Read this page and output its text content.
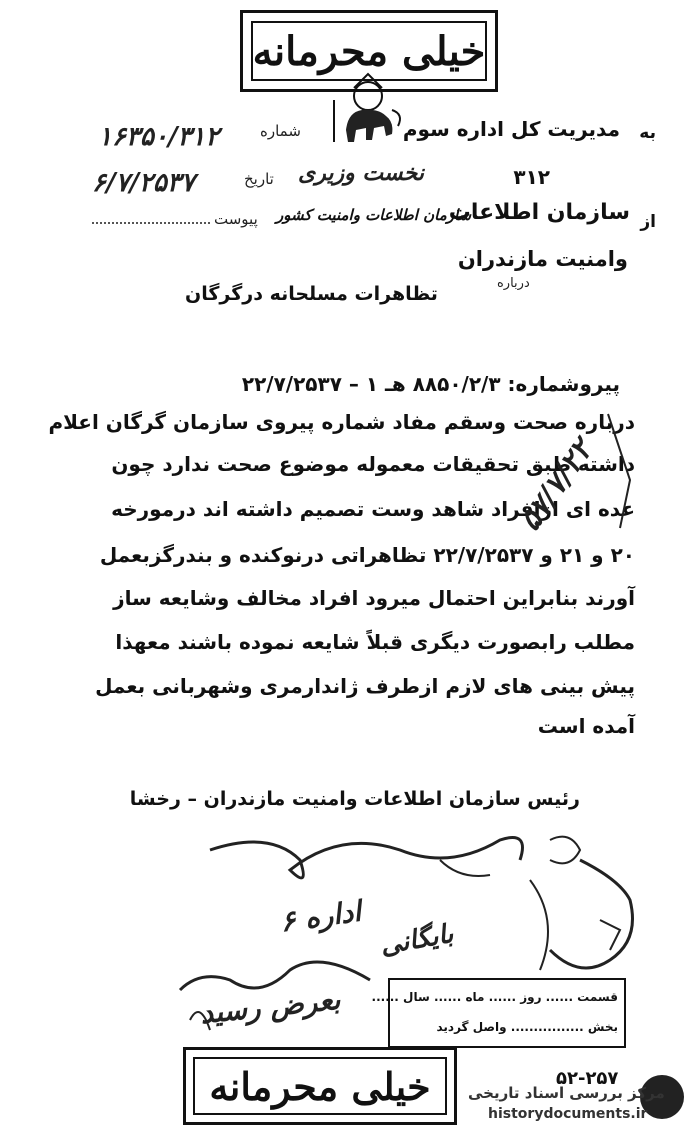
خیلی محرمانه
به
مدیریت کل اداره سوم
۳۱۲
نخست وزیری
از
سازمان اطلاعات
سازمان اطلاعات وامنیت کشور
وامنیت مازندران
درباره
تظاهرات مسلحانه درگرگان
شماره
تاریخ
پیوست
۱۶۳۵۰/۳۱۲
۶/۷/۲۵۳۷
پیروشماره: ۸۸۵۰/۲/۳ هـ ۱ – ۲۲/۷/۲۵۳۷
درباره صحت وسقم مفاد شماره پیروی سازمان گرگان اعلام
داشته طبق تحقیقات معموله موضوع صحت ندارد چون
عده ای ازافراد شاهد وست تصمیم داشته اند درمورخه
۲۰ و ۲۱ و ۲۲/۷/۲۵۳۷ تظاهراتی درنوکنده و بندرگزبعمل
آورند بنابراین احتمال میرود افراد مخالف وشایعه ساز
مطلب رابصورت دیگری قبلاً شایعه نموده باشند معهذا
پیش بینی های لازم ازطرف ژاندارمری وشهربانی بعمل
آمده است
۵۷/۷/۲۲
رئیس سازمان اطلاعات وامنیت مازندران – رخشا
اداره ۶
بایگانی
بعرض رسید قسمت ...... روز ...... ماه ...... سال ......
بخش ................ واصل گردید
خیلی محرمانه	۵۲-۲۵۷
مرکز بررسی اسناد تاریخی
historydocuments.ir
